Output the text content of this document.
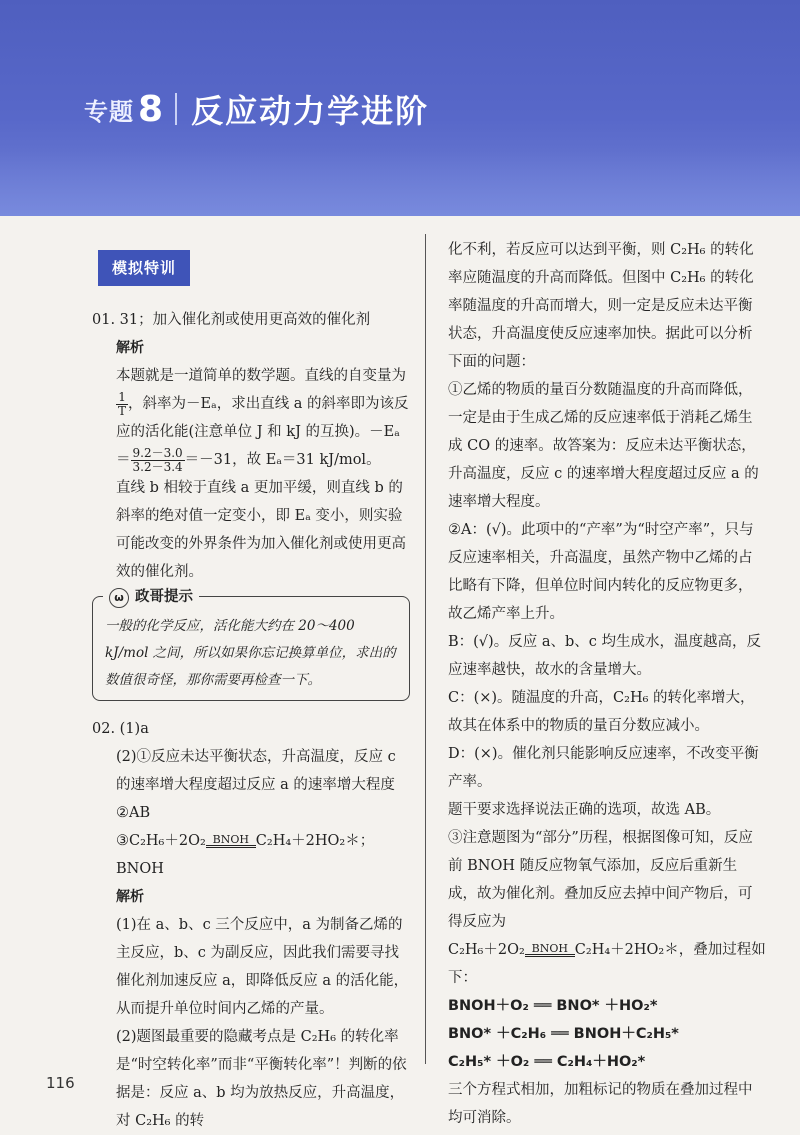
专题 8 反应动力学进阶
模拟特训

01. 31；加入催化剂或使用更高效的催化剂

解析

本题就是一道简单的数学题。直线的自变量为
$\frac{1}{T}$ ，斜率为－Eₐ，求出直线 a 的斜率即为该反应的活化能(注意单位 J 和 kJ 的互换)。$-E_a= \frac{9.2-3.0}{3.2-3.4} =-31$，故 Eₐ＝31 kJ/mol。

直线 b 相较于直线 a 更加平缓，则直线 b 的斜率的绝对值一定变小，即 Eₐ 变小，则实验可能改变的外界条件为加入催化剂或使用更高效的催化剂。

ω 政哥提示
一般的化学反应，活化能大约在 20～400 kJ/mol 之间，所以如果你忘记换算单位，求出的数值很奇怪，那你需要再检查一下。

02. (1)a

(2)①反应未达平衡状态，升高温度，反应 c 的速率增大程度超过反应 a 的速率增大程度

②AB

③C₂H₆＋2O₂ BNOH C₂H₄＋2HO₂＊；BNOH

解析

(1)在 a、b、c 三个反应中，a 为制备乙烯的主反应，b、c 为副反应，因此我们需要寻找催化剂加速反应 a，即降低反应 a 的活化能，从而提升单位时间内乙烯的产量。

(2)题图最重要的隐藏考点是 C₂H₆ 的转化率是“时空转化率”而非“平衡转化率”！判断的依据是：反应 a、b 均为放热反应，升高温度，对 C₂H₆ 的转

化不利，若反应可以达到平衡，则 C₂H₆ 的转化率应随温度的升高而降低。但图中 C₂H₆ 的转化率随温度的升高而增大，则一定是反应未达平衡状态，升高温度使反应速率加快。据此可以分析下面的问题：

①乙烯的物质的量百分数随温度的升高而降低，一定是由于生成乙烯的反应速率低于消耗乙烯生成 CO 的速率。故答案为：反应未达平衡状态，升高温度，反应 c 的速率增大程度超过反应 a 的速率增大程度。

②A：(√)。此项中的“产率”为“时空产率”，只与反应速率相关，升高温度，虽然产物中乙烯的占比略有下降，但单位时间内转化的反应物更多，故乙烯产率上升。

B：(√)。反应 a、b、c 均生成水，温度越高，反应速率越快，故水的含量增大。

C：(×)。随温度的升高，C₂H₆ 的转化率增大，故其在体系中的物质的量百分数应减小。

D：(×)。催化剂只能影响反应速率，不改变平衡产率。

题干要求选择说法正确的选项，故选 AB。

③注意题图为“部分”历程，根据图像可知，反应前 BNOH 随反应物氧气添加，反应后重新生成，故为催化剂。叠加反应去掉中间产物后，可得反应为

C₂H₆＋2O₂ BNOH C₂H₄＋2HO₂＊，叠加过程如下：

BNOH＋O₂ ══ BNO* ＋HO₂*

BNO* ＋C₂H₆ ══ BNOH＋C₂H₅*

C₂H₅* ＋O₂ ══ C₂H₄＋HO₂*

三个方程式相加，加粗标记的物质在叠加过程中均可消除。

116
